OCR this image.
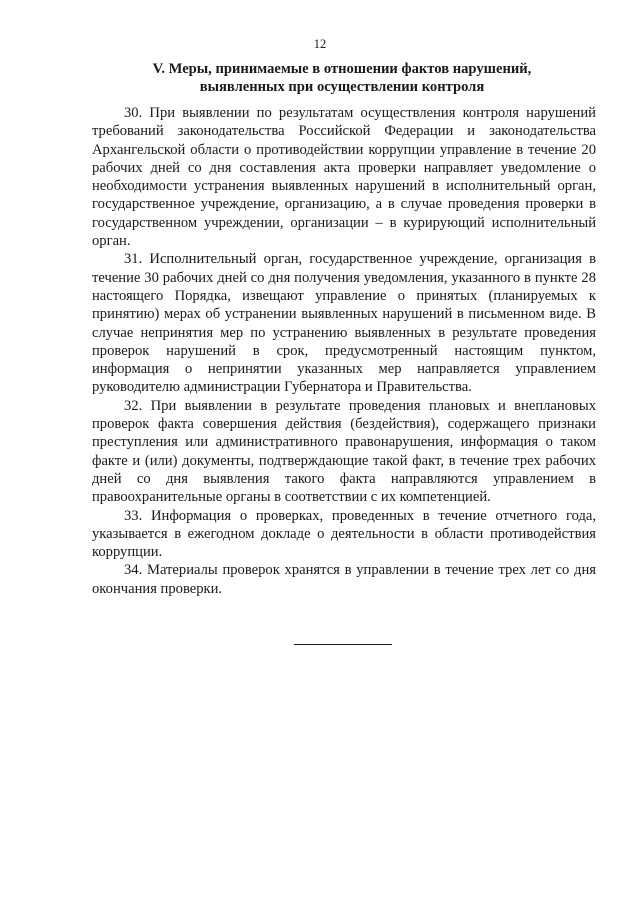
12
V. Меры, принимаемые в отношении фактов нарушений,
выявленных при осуществлении контроля

30. При выявлении по результатам осуществления контроля нарушений требований законодательства Российской Федерации и законодательства Архангельской области о противодействии коррупции управление в течение 20 рабочих дней со дня составления акта проверки направляет уведомление о необходимости устранения выявленных нарушений в исполнительный орган, государственное учреждение, организацию, а в случае проведения проверки в государственном учреждении, организации – в курирующий исполнительный орган.

31. Исполнительный орган, государственное учреждение, организация в течение 30 рабочих дней со дня получения уведомления, указанного в пункте 28 настоящего Порядка, извещают управление о принятых (планируемых к принятию) мерах об устранении выявленных нарушений в письменном виде. В случае непринятия мер по устранению выявленных в результате проведения проверок нарушений в срок, предусмотренный настоящим пунктом, информация о непринятии указанных мер направляется управлением руководителю администрации Губернатора и Правительства.

32. При выявлении в результате проведения плановых и внеплановых проверок факта совершения действия (бездействия), содержащего признаки преступления или административного правонарушения, информация о таком факте и (или) документы, подтверждающие такой факт, в течение трех рабочих дней со дня выявления такого факта направляются управлением в правоохранительные органы в соответствии с их компетенцией.

33. Информация о проверках, проведенных в течение отчетного года, указывается в ежегодном докладе о деятельности в области противодействия коррупции.

34. Материалы проверок хранятся в управлении в течение трех лет со дня окончания проверки.
